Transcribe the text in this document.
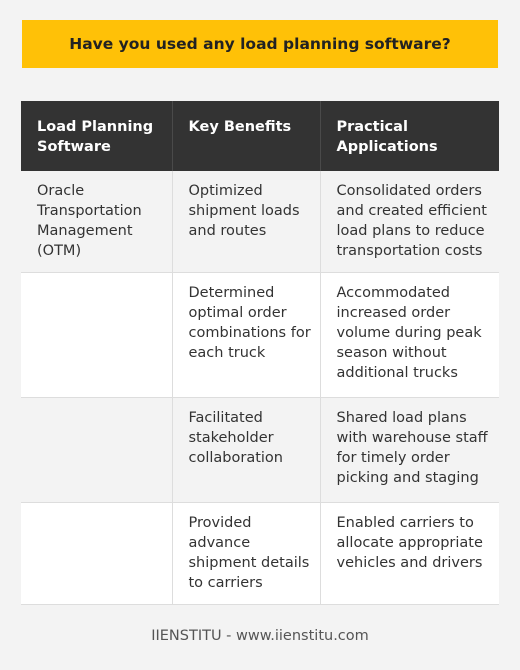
Have you used any load planning software?
Load Planning Software	Key Benefits	Practical Applications
Oracle Transportation Management (OTM)	Optimized shipment loads and routes	Consolidated orders and created efficient load plans to reduce transportation costs
	Determined optimal order combinations for each truck	Accommodated increased order volume during peak season without additional trucks
	Facilitated stakeholder collaboration	Shared load plans with warehouse staff for timely order picking and staging
	Provided advance shipment details to carriers	Enabled carriers to allocate appropriate vehicles and drivers
IIENSTITU - www.iienstitu.com
